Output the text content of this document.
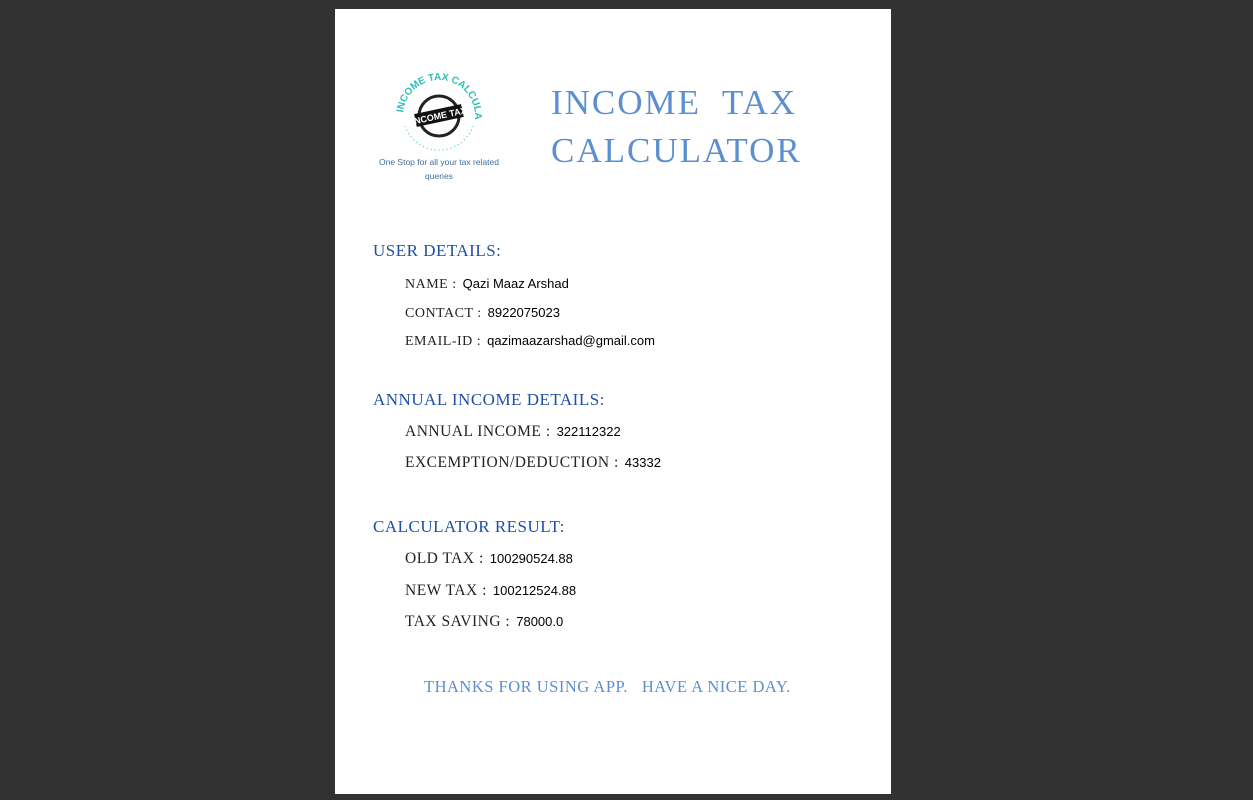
INCOME TAX CALCULA
INCOME TAX
One Stop for all your tax related
queries
INCOME  TAX
CALCULATOR
USER DETAILS:
NAME : Qazi Maaz Arshad
CONTACT : 8922075023
EMAIL-ID : qazimaazarshad@gmail.com
ANNUAL INCOME DETAILS:
ANNUAL INCOME : 322112322
EXCEMPTION/DEDUCTION : 43332
CALCULATOR RESULT:
OLD TAX : 100290524.88
NEW TAX : 100212524.88
TAX SAVING : 78000.0
THANKS FOR USING APP.   HAVE A NICE DAY.
